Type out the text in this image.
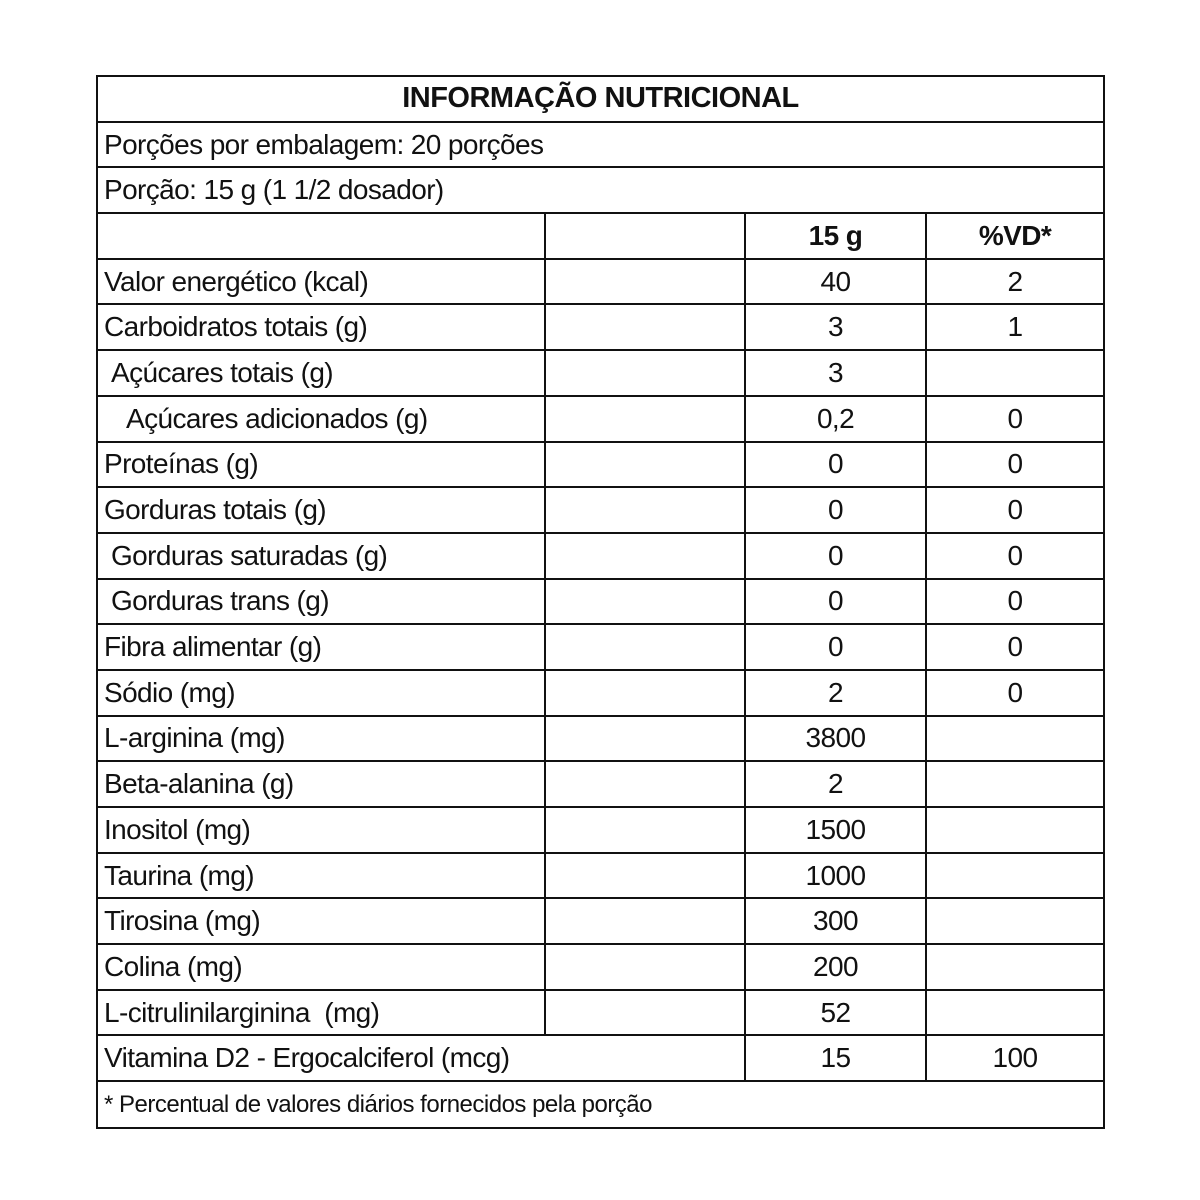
INFORMAÇÃO NUTRICIONAL
Porções por embalagem: 20 porções
Porção: 15 g (1 1/2 dosador)
15 g	%VD*
Valor energético (kcal)	40	2
Carboidratos totais (g)	3	1
Açúcares totais (g)	3
Açúcares adicionados (g)	0,2	0
Proteínas (g)	0	0
Gorduras totais (g)	0	0
Gorduras saturadas (g)	0	0
Gorduras trans (g)	0	0
Fibra alimentar (g)	0	0
Sódio (mg)	2	0
L-arginina (mg)	3800
Beta-alanina (g)	2
Inositol (mg)	1500
Taurina (mg)	1000
Tirosina (mg)	300
Colina (mg)	200
L-citrulinilarginina  (mg)	52
Vitamina D2 - Ergocalciferol (mcg)	15	100
* Percentual de valores diários fornecidos pela porção
